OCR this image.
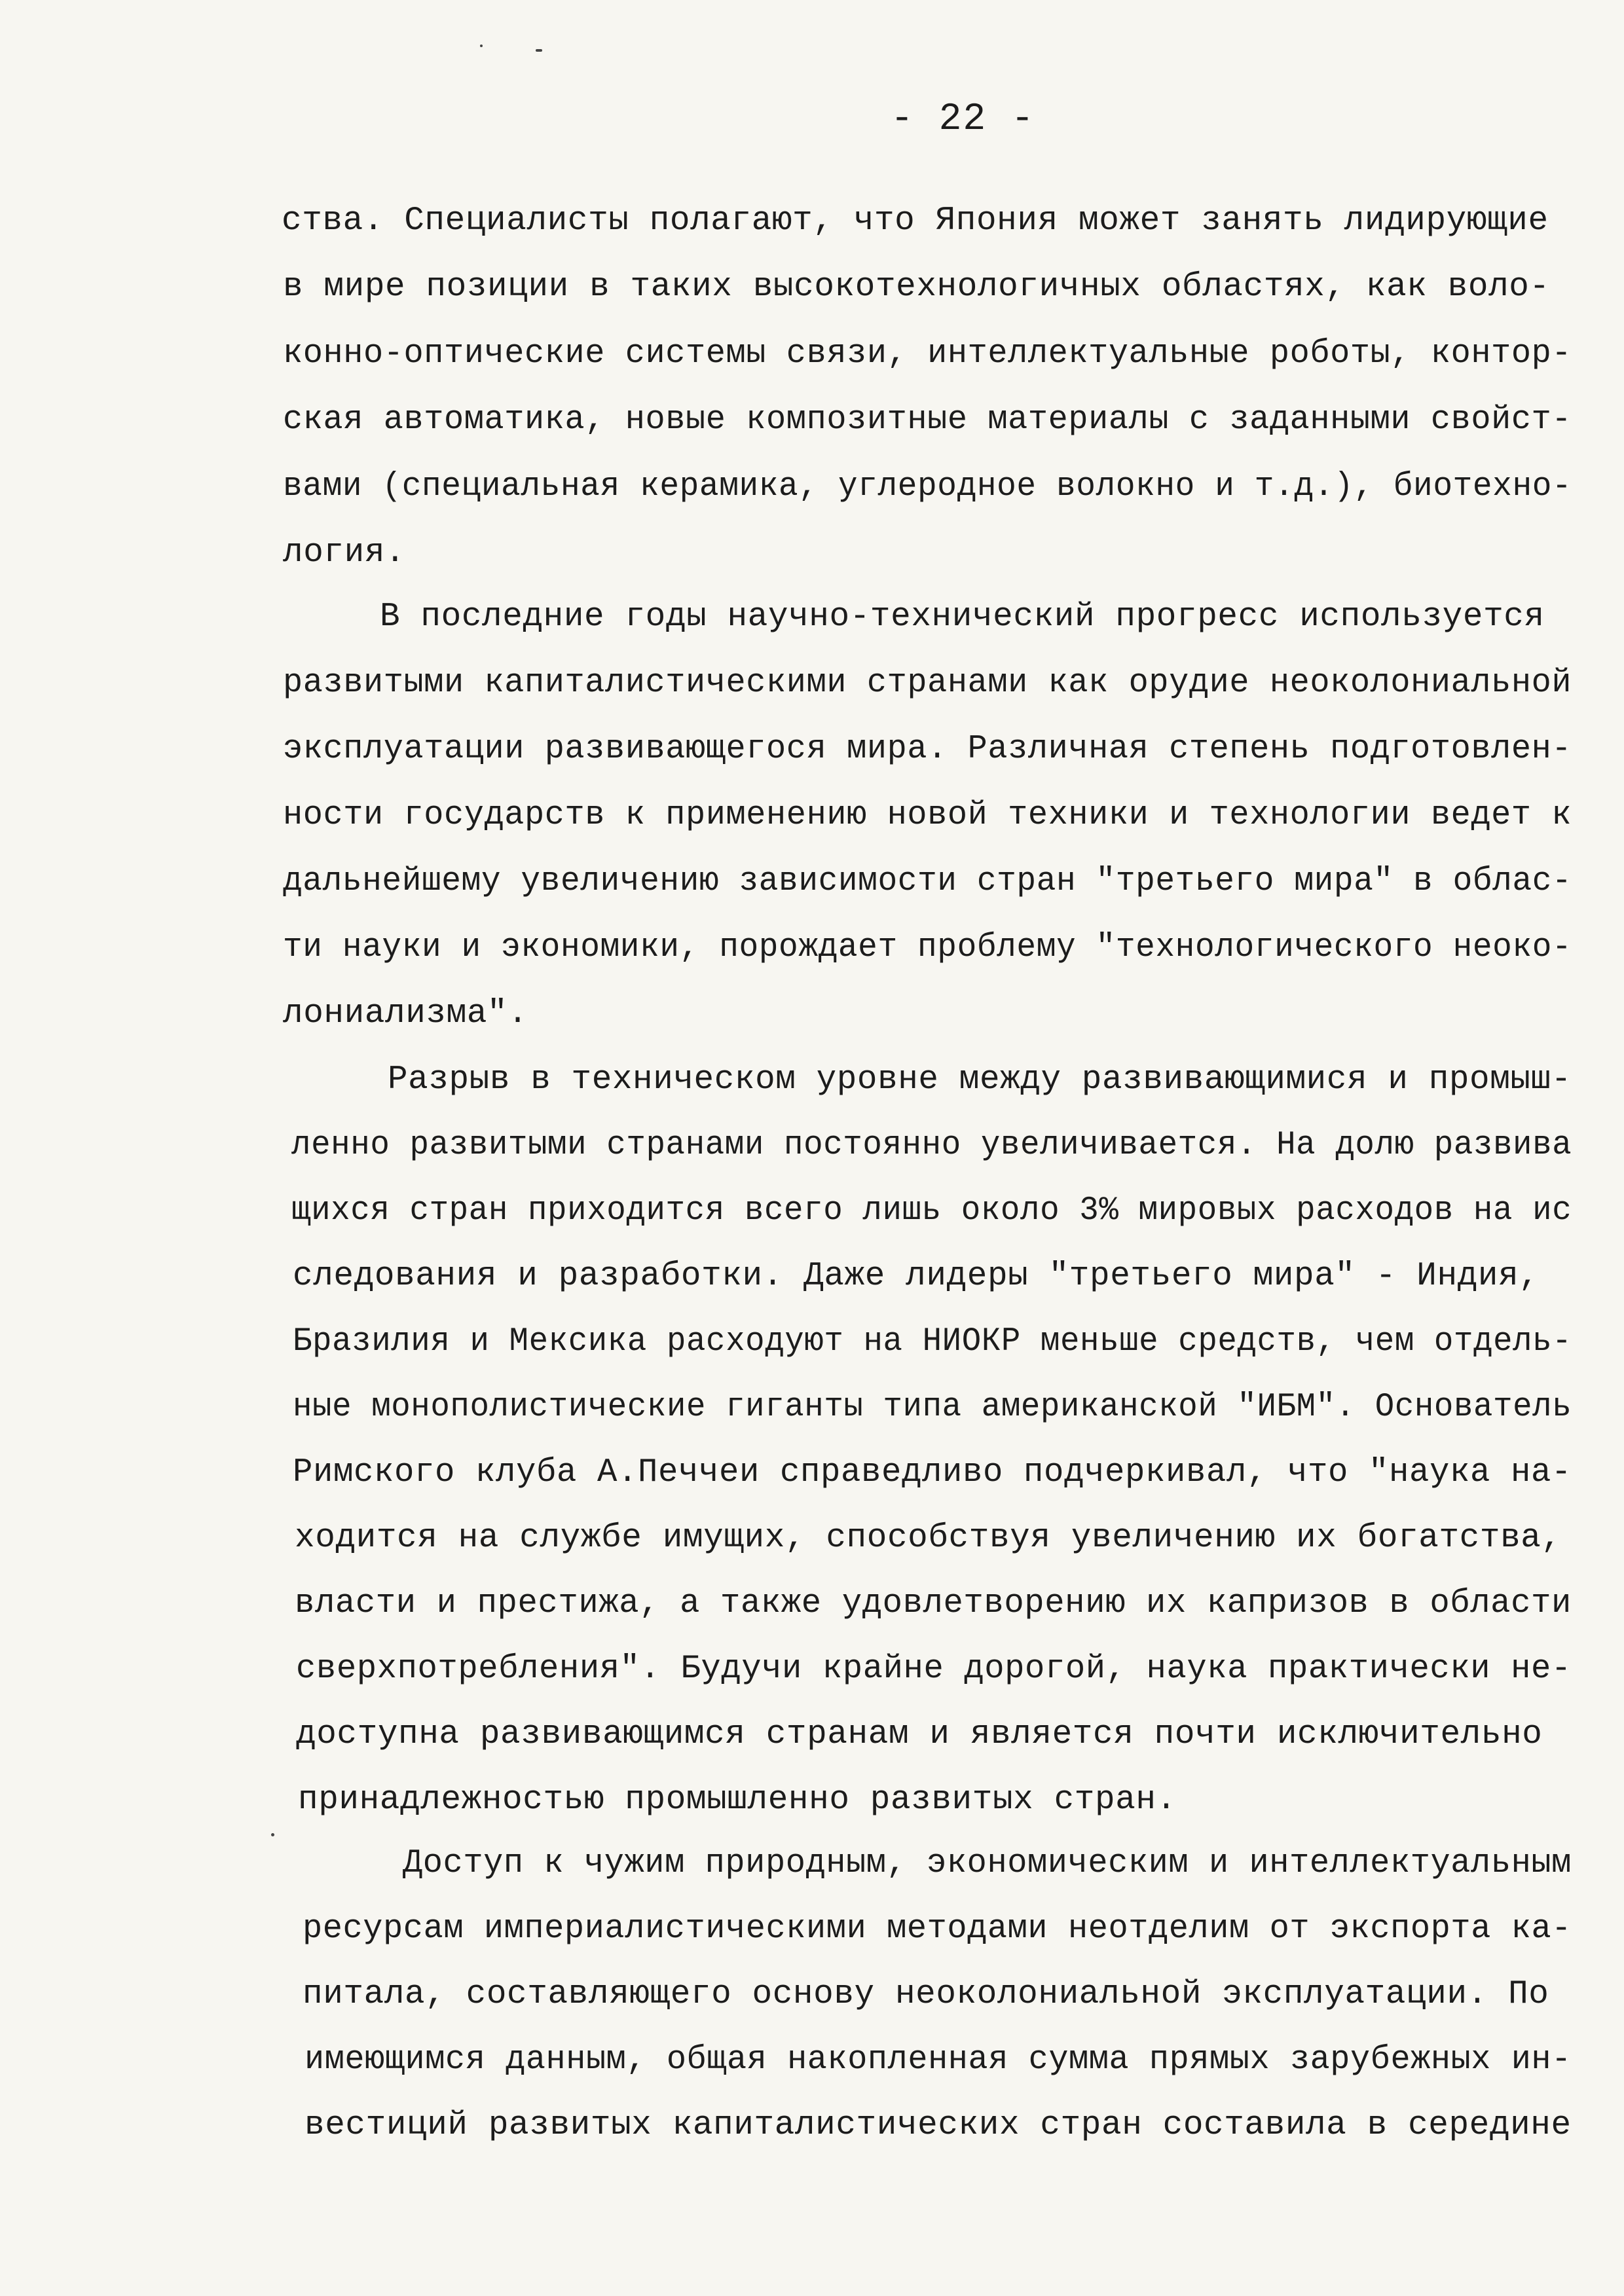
- 22 -
ства. Специалисты полагают, что Япония может занять лидирующие
в мире позиции в таких высокотехнологичных областях, как воло-
конно-оптические системы связи, интеллектуальные роботы, контор-
ская автоматика, новые композитные материалы с заданными свойст-
вами (специальная керамика, углеродное волокно и т.д.), биотехно-
логия.
В последние годы научно-технический прогресс используется
развитыми капиталистическими странами как орудие неоколониальной
эксплуатации развивающегося мира. Различная степень подготовлен-
ности государств к применению новой техники и технологии ведет к
дальнейшему увеличению зависимости стран "третьего мира" в облас-
ти науки и экономики, порождает проблему "технологического неоко-
лониализма".
Разрыв в техническом уровне между развивающимися и промыш-
ленно развитыми странами постоянно увеличивается. На долю развива
щихся стран приходится всего лишь около 3% мировых расходов на ис
следования и разработки. Даже лидеры "третьего мира" - Индия,
Бразилия и Мексика расходуют на НИОКР меньше средств, чем отдель-
ные монополистические гиганты типа американской "ИБМ". Основатель
Римского клуба А.Печчеи справедливо подчеркивал, что "наука на-
ходится на службе имущих, способствуя увеличению их богатства,
власти и престижа, а также удовлетворению их капризов в области
сверхпотребления". Будучи крайне дорогой, наука практически не-
доступна развивающимся странам и является почти исключительно
принадлежностью промышленно развитых стран.
Доступ к чужим природным, экономическим и интеллектуальным
ресурсам империалистическими методами неотделим от экспорта ка-
питала, составляющего основу неоколониальной эксплуатации. По
имеющимся данным, общая накопленная сумма прямых зарубежных ин-
вестиций развитых капиталистических стран составила в середине
